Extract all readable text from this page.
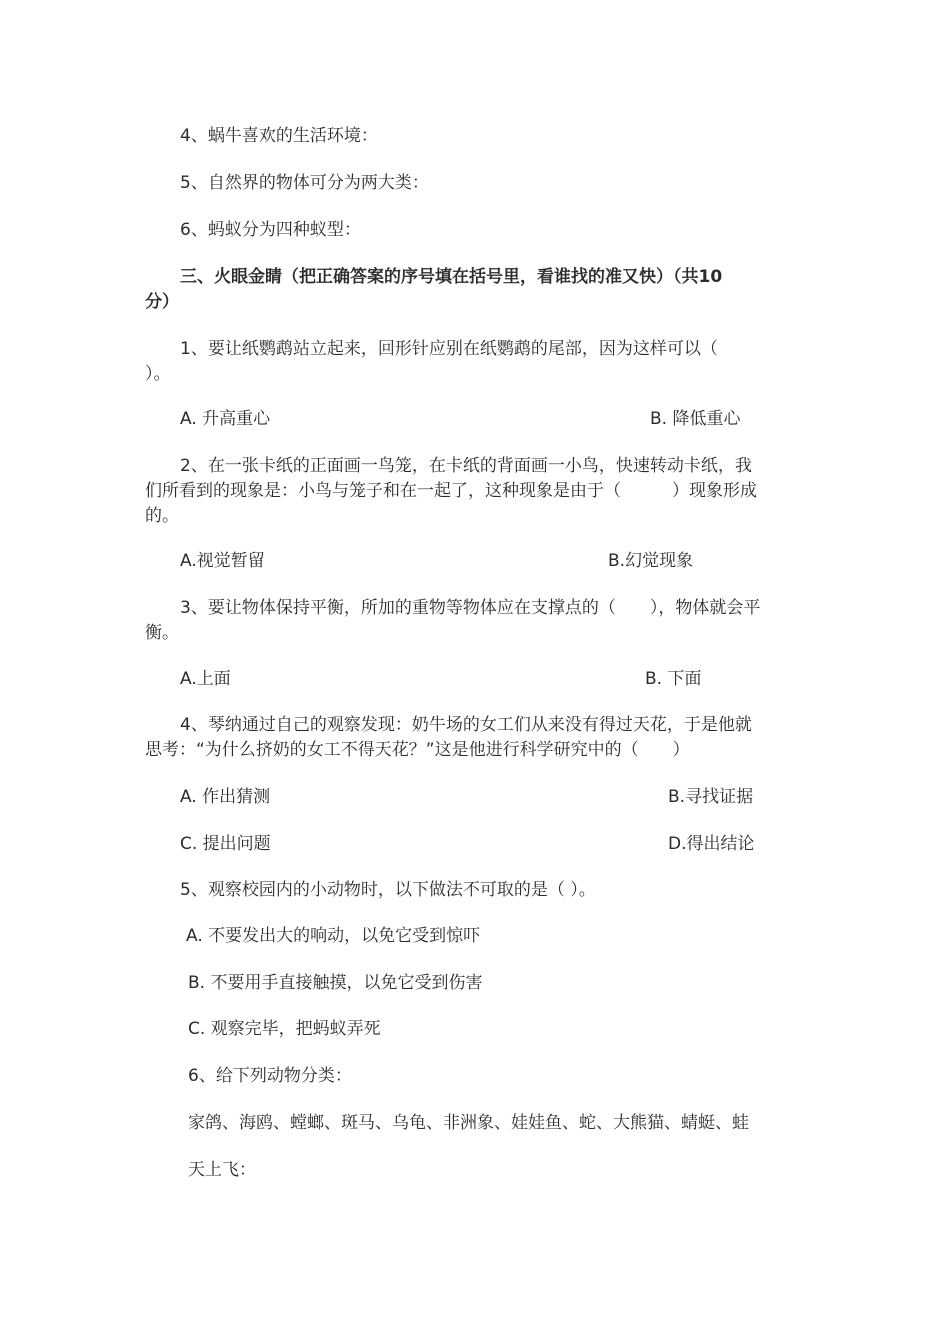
4、蜗牛喜欢的生活环境：
5、自然界的物体可分为两大类：
6、蚂蚁分为四种蚁型：
三、火眼金睛（把正确答案的序号填在括号里，看谁找的准又快）（共10
分）
1、要让纸鹦鹉站立起来，回形针应别在纸鹦鹉的尾部，因为这样可以（
）。
A. 升高重心	B. 降低重心
2、在一张卡纸的正面画一鸟笼，在卡纸的背面画一小鸟，快速转动卡纸，我
们所看到的现象是：小鸟与笼子和在一起了，这种现象是由于（　　　）现象形成
的。
A.视觉暂留	B.幻觉现象
3、要让物体保持平衡，所加的重物等物体应在支撑点的（　　），物体就会平
衡。
A.上面	B. 下面
4、琴纳通过自己的观察发现：奶牛场的女工们从来没有得过天花，于是他就
思考：“为什么挤奶的女工不得天花？”这是他进行科学研究中的（　　）
A. 作出猜测	B.寻找证据
C. 提出问题	D.得出结论
5、观察校园内的小动物时，以下做法不可取的是（ ）。
A. 不要发出大的响动，以免它受到惊吓
B. 不要用手直接触摸，以免它受到伤害
C. 观察完毕，把蚂蚁弄死
6、给下列动物分类：
家鸽、海鸥、螳螂、斑马、乌龟、非洲象、娃娃鱼、蛇、大熊猫、蜻蜓、蛙
天上飞：
